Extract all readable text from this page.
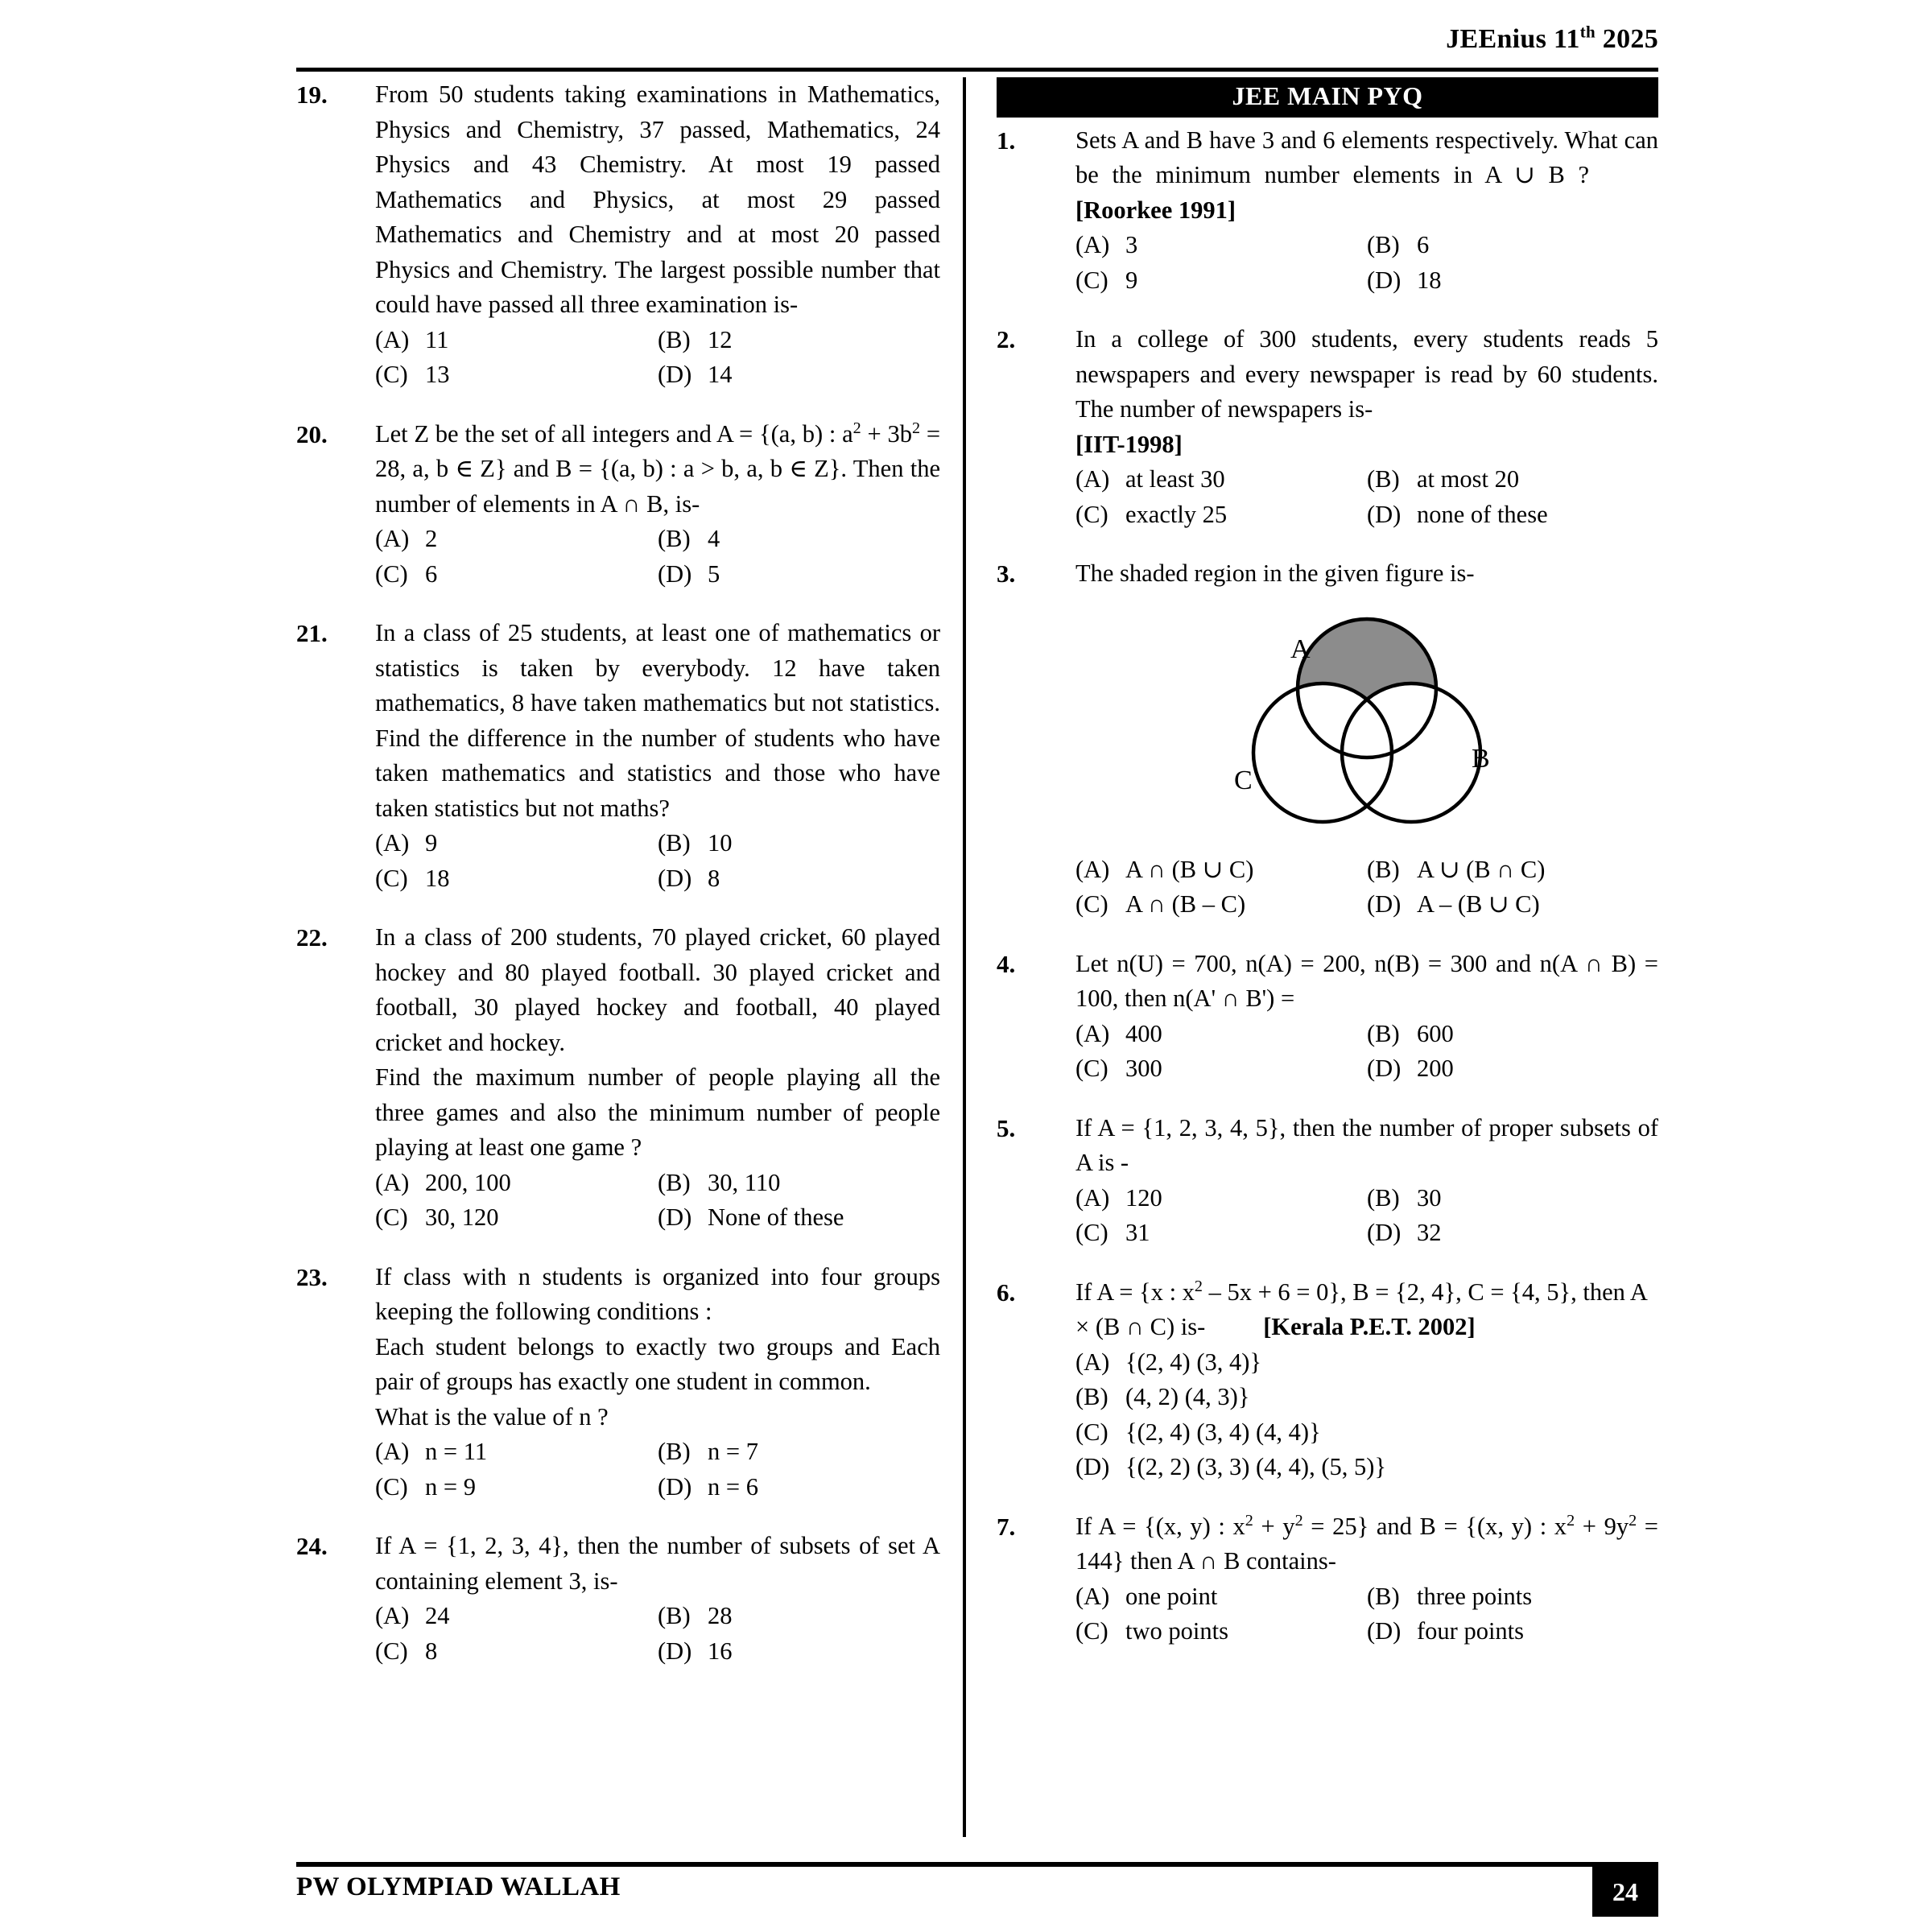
JEEnius 11th 2025
19.	From 50 students taking examinations in Mathematics, Physics and Chemistry, 37 passed, Mathematics, 24 Physics and 43 Chemistry. At most 19 passed Mathematics and Physics, at most 29 passed Mathematics and Chemistry and at most 20 passed Physics and Chemistry. The largest possible number that could have passed all three examination is-

(A) 11	(B) 12
(C) 13	(D) 14
20.	Let Z be the set of all integers and A = {(a, b) : $a^2 + 3b^2 = 28$, a, b ∈ Z} and B = {(a, b) : a > b, a, b ∈ Z}. Then the number of elements in A ∩ B, is-

(A) 2	(B) 4
(C) 6	(D) 5
21.	In a class of 25 students, at least one of mathematics or statistics is taken by everybody. 12 have taken mathematics, 8 have taken mathematics but not statistics. Find the difference in the number of students who have taken mathematics and statistics and those who have taken statistics but not maths?

(A) 9	(B) 10
(C) 18	(D) 8
22.	In a class of 200 students, 70 played cricket, 60 played hockey and 80 played football. 30 played cricket and football, 30 played hockey and football, 40 played cricket and hockey.

Find the maximum number of people playing all the three games and also the minimum number of people playing at least one game ?

(A) 200, 100	(B) 30, 110
(C) 30, 120	(D) None of these
23.	If class with n students is organized into four groups keeping the following conditions :

Each student belongs to exactly two groups and Each pair of groups has exactly one student in common.

What is the value of n ?

(A) n = 11	(B) n = 7
(C) n = 9	(D) n = 6
24.	If A = {1, 2, 3, 4}, then the number of subsets of set A containing element 3, is-

(A) 24	(B) 28
(C) 8	(D) 16
JEE MAIN PYQ
1.	Sets A and B have 3 and 6 elements respectively. What can be the minimum number elements in A ∪ B ?[Roorkee 1991]

(A) 3	(B) 6
(C) 9	(D) 18
2.	In a college of 300 students, every students reads 5 newspapers and every newspaper is read by 60 students. The number of newspapers is-

[IIT-1998]

(A) at least 30	(B) at most 20
(C) exactly 25	(D) none of these
3.	The shaded region in the given figure is-

A
B
C
(A) A ∩ (B ∪ C)	(B) A ∪ (B ∩ C)
(C) A ∩ (B – C)	(D) A – (B ∪ C)
4.	Let n(U) = 700, n(A) = 200, n(B) = 300 and n(A ∩ B) = 100, then n(A' ∩ B') =

(A) 400	(B) 600
(C) 300	(D) 200
5.	If A = {1, 2, 3, 4, 5}, then the number of proper subsets of A is -

(A) 120	(B) 30
(C) 31	(D) 32
6.	If A = {x : $x^2 - 5x + 6 = 0$}, B = {2, 4}, C = {4, 5}, then A × (B ∩ C) is- [Kerala P.E.T. 2002]

(A) {(2, 4) (3, 4)}
(B) (4, 2) (4, 3)}
(C) {(2, 4) (3, 4) (4, 4)}
(D) {(2, 2) (3, 3) (4, 4), (5, 5)}
7.	If A = {(x, y) : $x^2 + y^2 = 25$} and B = {(x, y) : $x^2 + 9y^2 = 144$} then A ∩ B contains-

(A) one point	(B) three points
(C) two points	(D) four points
PW OLYMPIAD WALLAH	24
